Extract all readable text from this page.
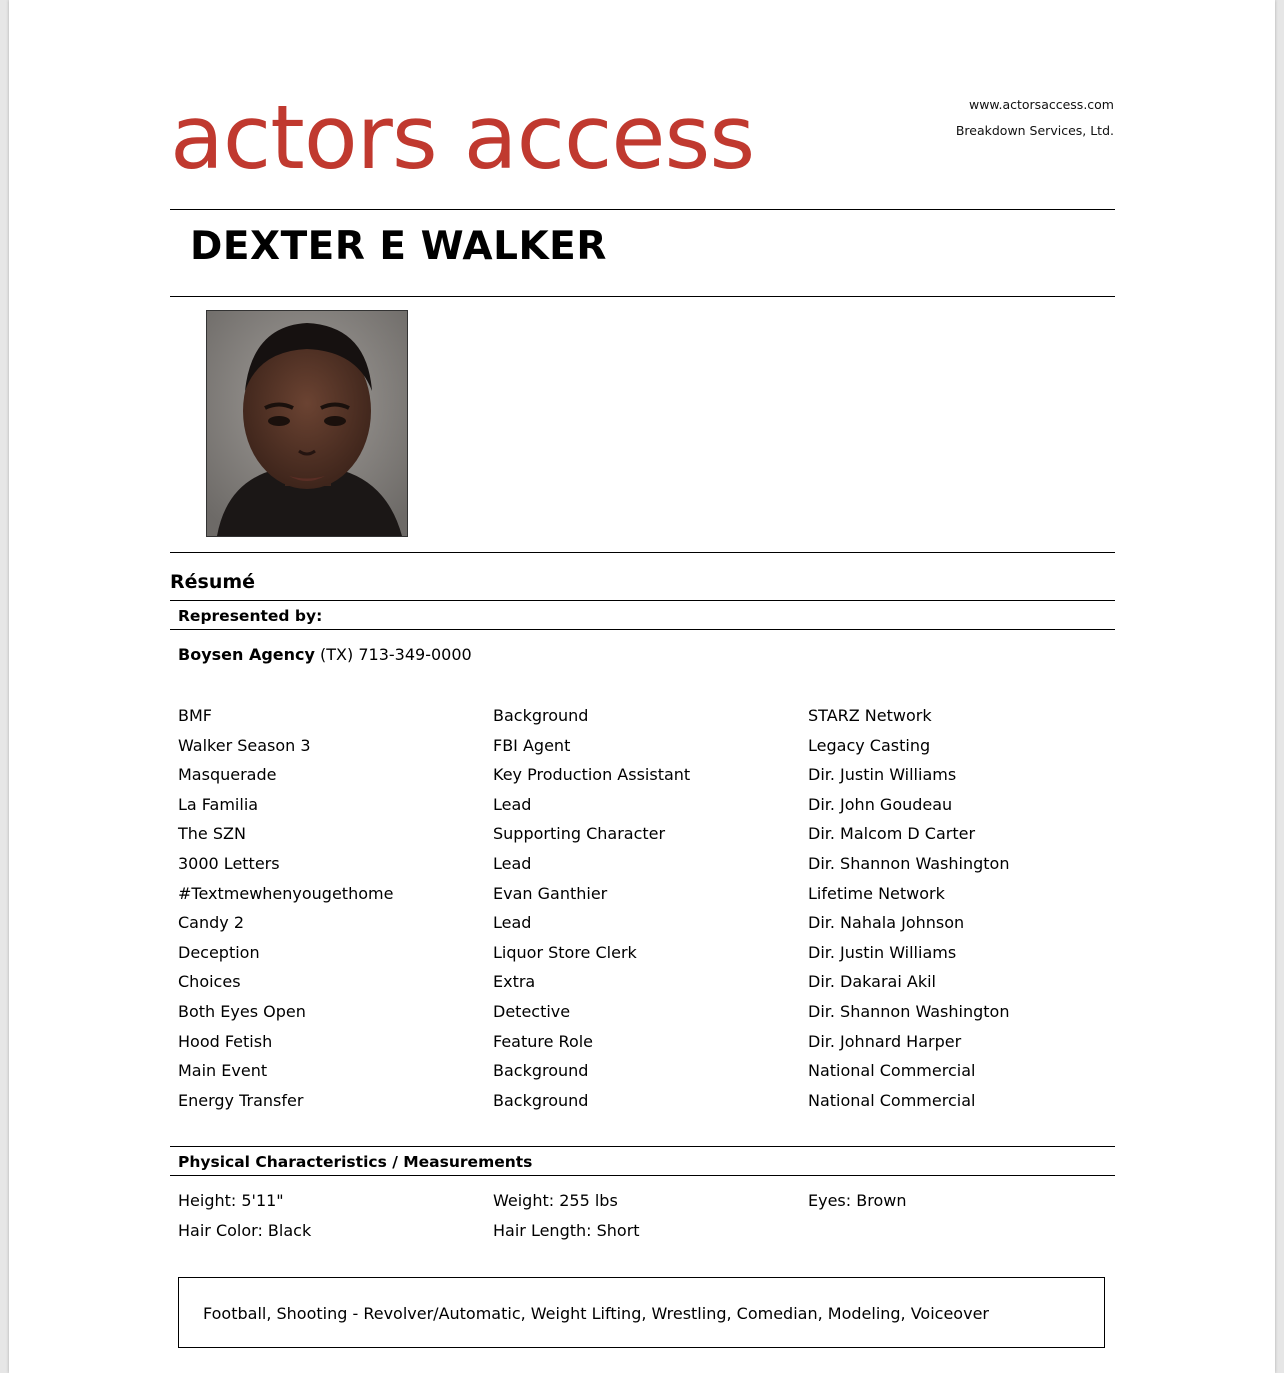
actors access	www.actorsaccess.com
Breakdown Services, Ltd.
DEXTER E WALKER
Résumé
Represented by:
Boysen Agency (TX) 713-349-0000
BMF	Background	STARZ Network
Walker Season 3	FBI Agent	Legacy Casting
Masquerade	Key Production Assistant	Dir. Justin Williams
La Familia	Lead	Dir. John Goudeau
The SZN	Supporting Character	Dir. Malcom D Carter
3000 Letters	Lead	Dir. Shannon Washington
#Textmewhenyougethome	Evan Ganthier	Lifetime Network
Candy 2	Lead	Dir. Nahala Johnson
Deception	Liquor Store Clerk	Dir. Justin Williams
Choices	Extra	Dir. Dakarai Akil
Both Eyes Open	Detective	Dir. Shannon Washington
Hood Fetish	Feature Role	Dir. Johnard Harper
Main Event	Background	National Commercial
Energy Transfer	Background	National Commercial
Physical Characteristics / Measurements
Height: 5'11"	Weight: 255 lbs	Eyes: Brown
Hair Color: Black	Hair Length: Short
Football, Shooting - Revolver/Automatic, Weight Lifting, Wrestling, Comedian, Modeling, Voiceover
